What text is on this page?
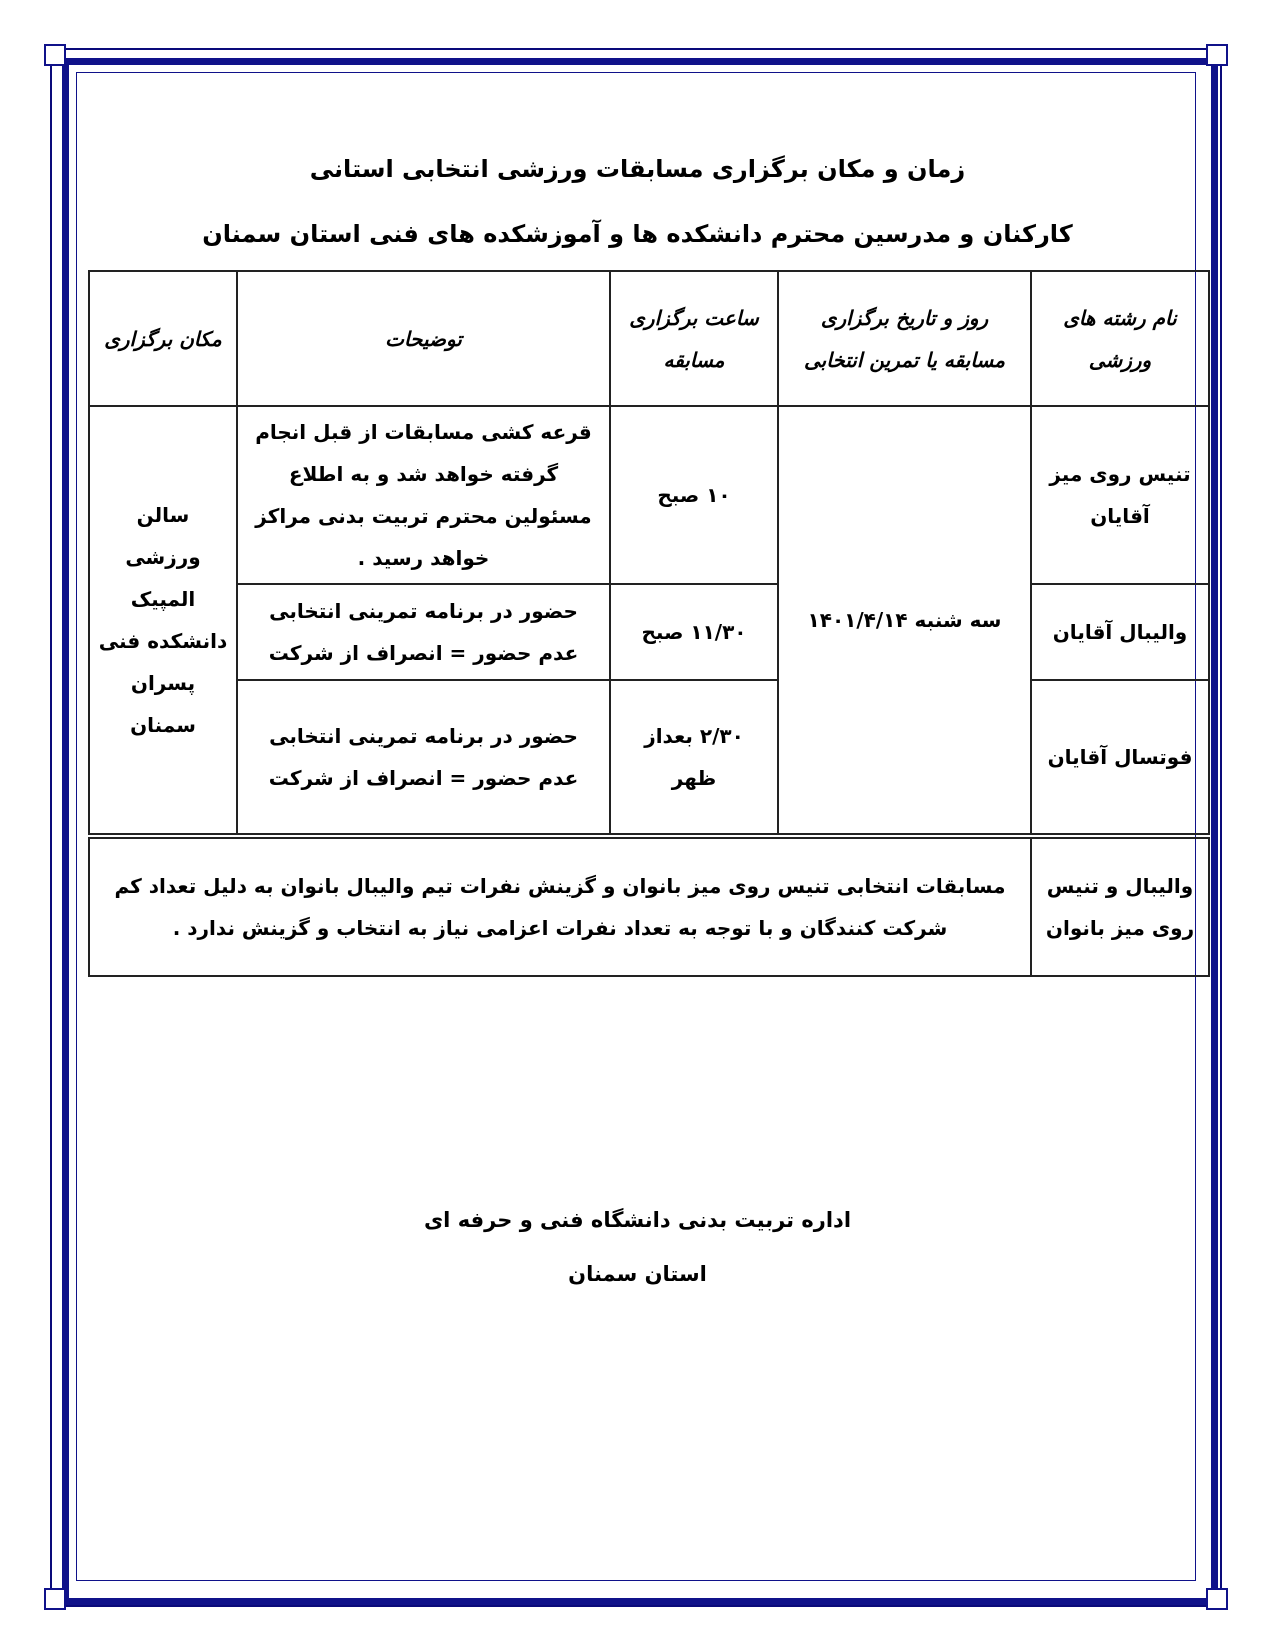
زمان و مکان برگزاری مسابقات ورزشی انتخابی استانی
کارکنان و مدرسین محترم دانشکده ها و آموزشکده های فنی استان سمنان
نام رشته های ورزشی	روز و تاریخ برگزاری مسابقه یا تمرین انتخابی	ساعت برگزاری مسابقه	توضیحات	مکان برگزاری
تنیس روی میز آقایان	سه شنبه ۱۴۰۱/۴/۱۴	۱۰ صبح	قرعه کشی مسابقات از قبل انجام گرفته خواهد شد و به اطلاع مسئولین محترم تربیت بدنی مراکز خواهد رسید .	سالن ورزشی المپیک دانشکده فنی پسران سمنان
والیبال آقایان		۱۱/۳۰ صبح	حضور در برنامه تمرینی انتخابی عدم حضور = انصراف از شرکت	
فوتسال آقایان		۲/۳۰ بعداز ظهر	حضور در برنامه تمرینی انتخابی عدم حضور = انصراف از شرکت	
والیبال و تنیس روی میز بانوان	مسابقات انتخابی تنیس روی میز بانوان و گزینش نفرات تیم والیبال بانوان به دلیل تعداد کم شرکت کنندگان و با توجه به تعداد نفرات اعزامی نیاز به انتخاب و گزینش ندارد .			
اداره تربیت بدنی دانشگاه فنی و حرفه ای
استان سمنان
